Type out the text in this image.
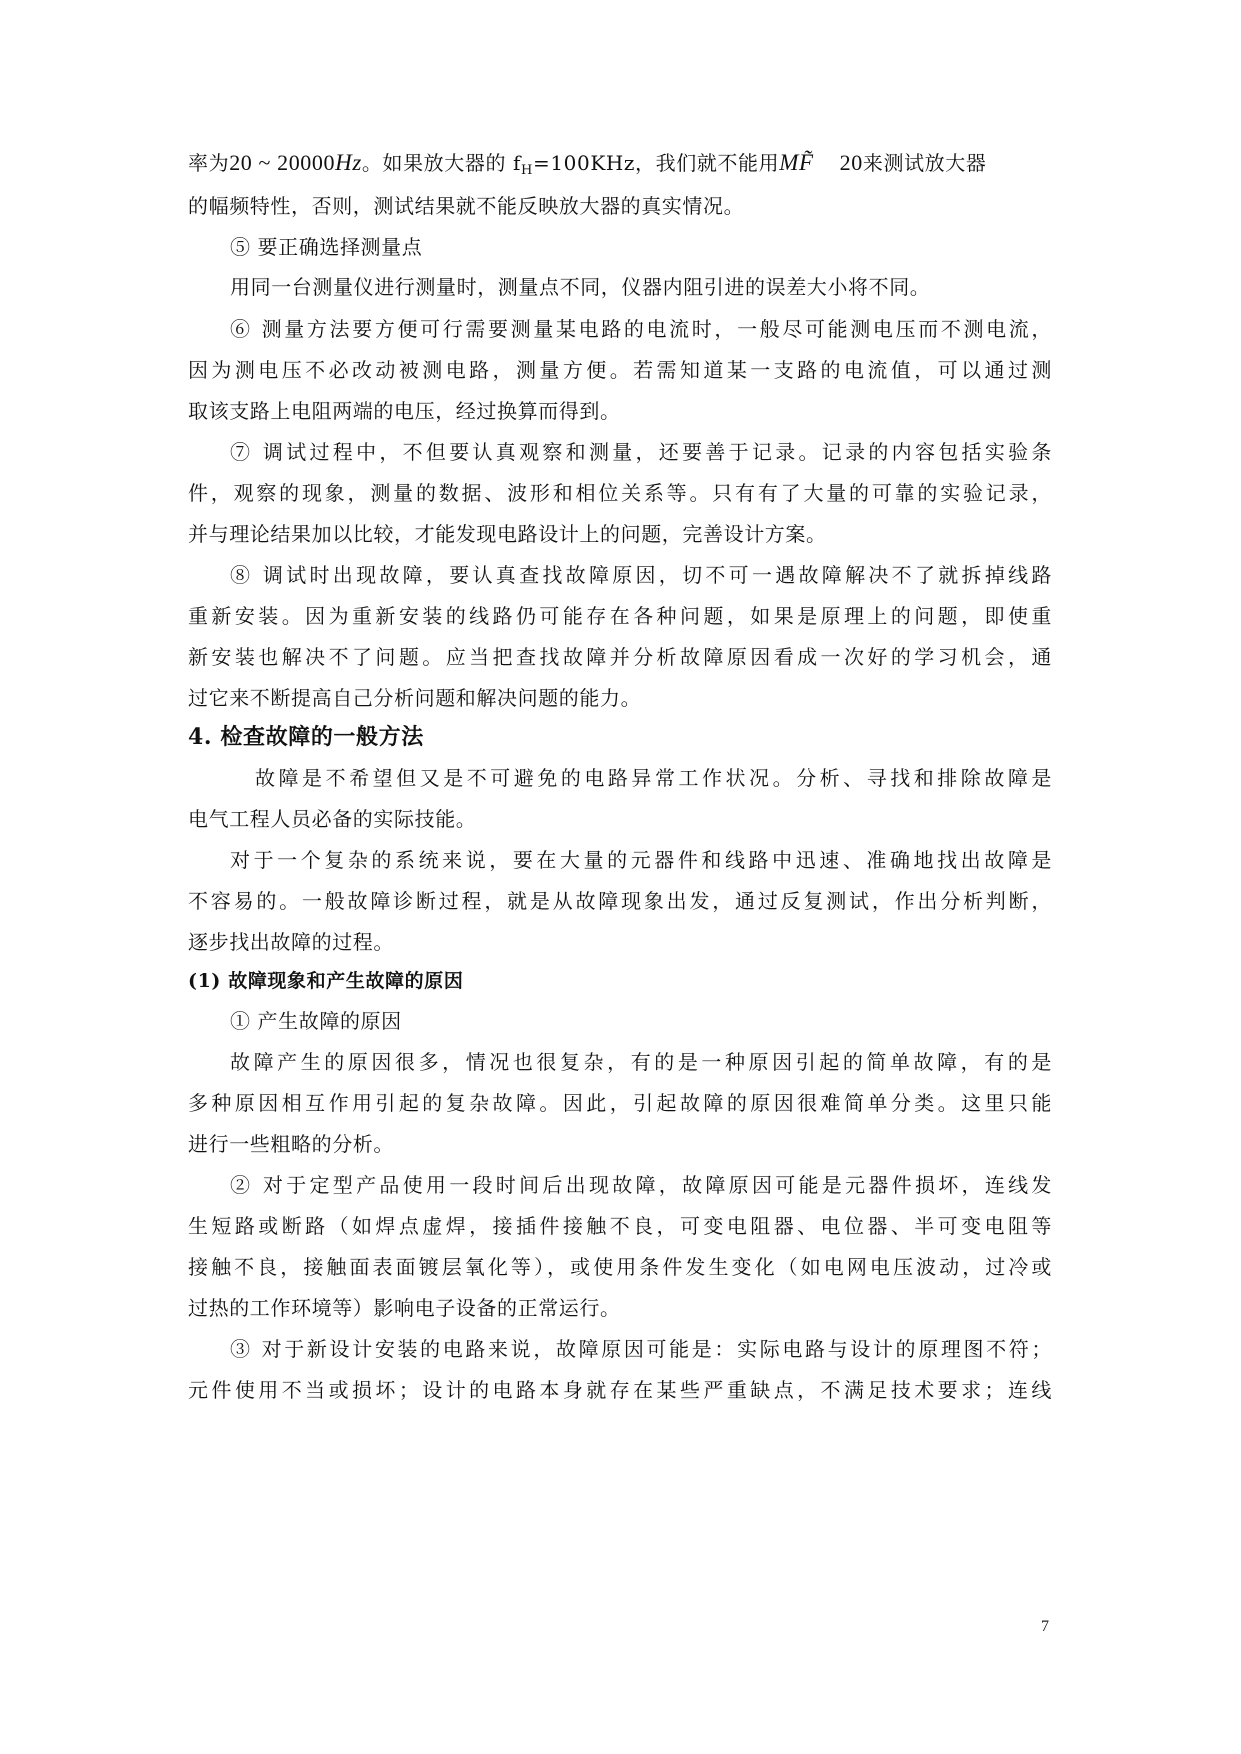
率为20 ~ 20000Hz。如果放大器的 $f_H=100KHz$，我们就不能用MF̃ 20来测试放大器
的幅频特性，否则，测试结果就不能反映放大器的真实情况。
⑤ 要正确选择测量点
用同一台测量仪进行测量时，测量点不同，仪器内阻引进的误差大小将不同。
⑥ 测量方法要方便可行需要测量某电路的电流时，一般尽可能测电压而不测电流，
因为测电压不必改动被测电路，测量方便。若需知道某一支路的电流值，可以通过测
取该支路上电阻两端的电压，经过换算而得到。
⑦ 调试过程中，不但要认真观察和测量，还要善于记录。记录的内容包括实验条
件，观察的现象，测量的数据、波形和相位关系等。只有有了大量的可靠的实验记录，
并与理论结果加以比较，才能发现电路设计上的问题，完善设计方案。
⑧ 调试时出现故障，要认真查找故障原因，切不可一遇故障解决不了就拆掉线路
重新安装。因为重新安装的线路仍可能存在各种问题，如果是原理上的问题，即使重
新安装也解决不了问题。应当把查找故障并分析故障原因看成一次好的学习机会，通
过它来不断提高自己分析问题和解决问题的能力。
4. 检查故障的一般方法
故障是不希望但又是不可避免的电路异常工作状况。分析、寻找和排除故障是
电气工程人员必备的实际技能。
对于一个复杂的系统来说，要在大量的元器件和线路中迅速、准确地找出故障是
不容易的。一般故障诊断过程，就是从故障现象出发，通过反复测试，作出分析判断，
逐步找出故障的过程。
(1) 故障现象和产生故障的原因
① 产生故障的原因
故障产生的原因很多，情况也很复杂，有的是一种原因引起的简单故障，有的是
多种原因相互作用引起的复杂故障。因此，引起故障的原因很难简单分类。这里只能
进行一些粗略的分析。
② 对于定型产品使用一段时间后出现故障，故障原因可能是元器件损坏，连线发
生短路或断路（如焊点虚焊，接插件接触不良，可变电阻器、电位器、半可变电阻等
接触不良，接触面表面镀层氧化等），或使用条件发生变化（如电网电压波动，过冷或
过热的工作环境等）影响电子设备的正常运行。
③ 对于新设计安装的电路来说，故障原因可能是：实际电路与设计的原理图不符；
元件使用不当或损坏；设计的电路本身就存在某些严重缺点，不满足技术要求；连线
7
